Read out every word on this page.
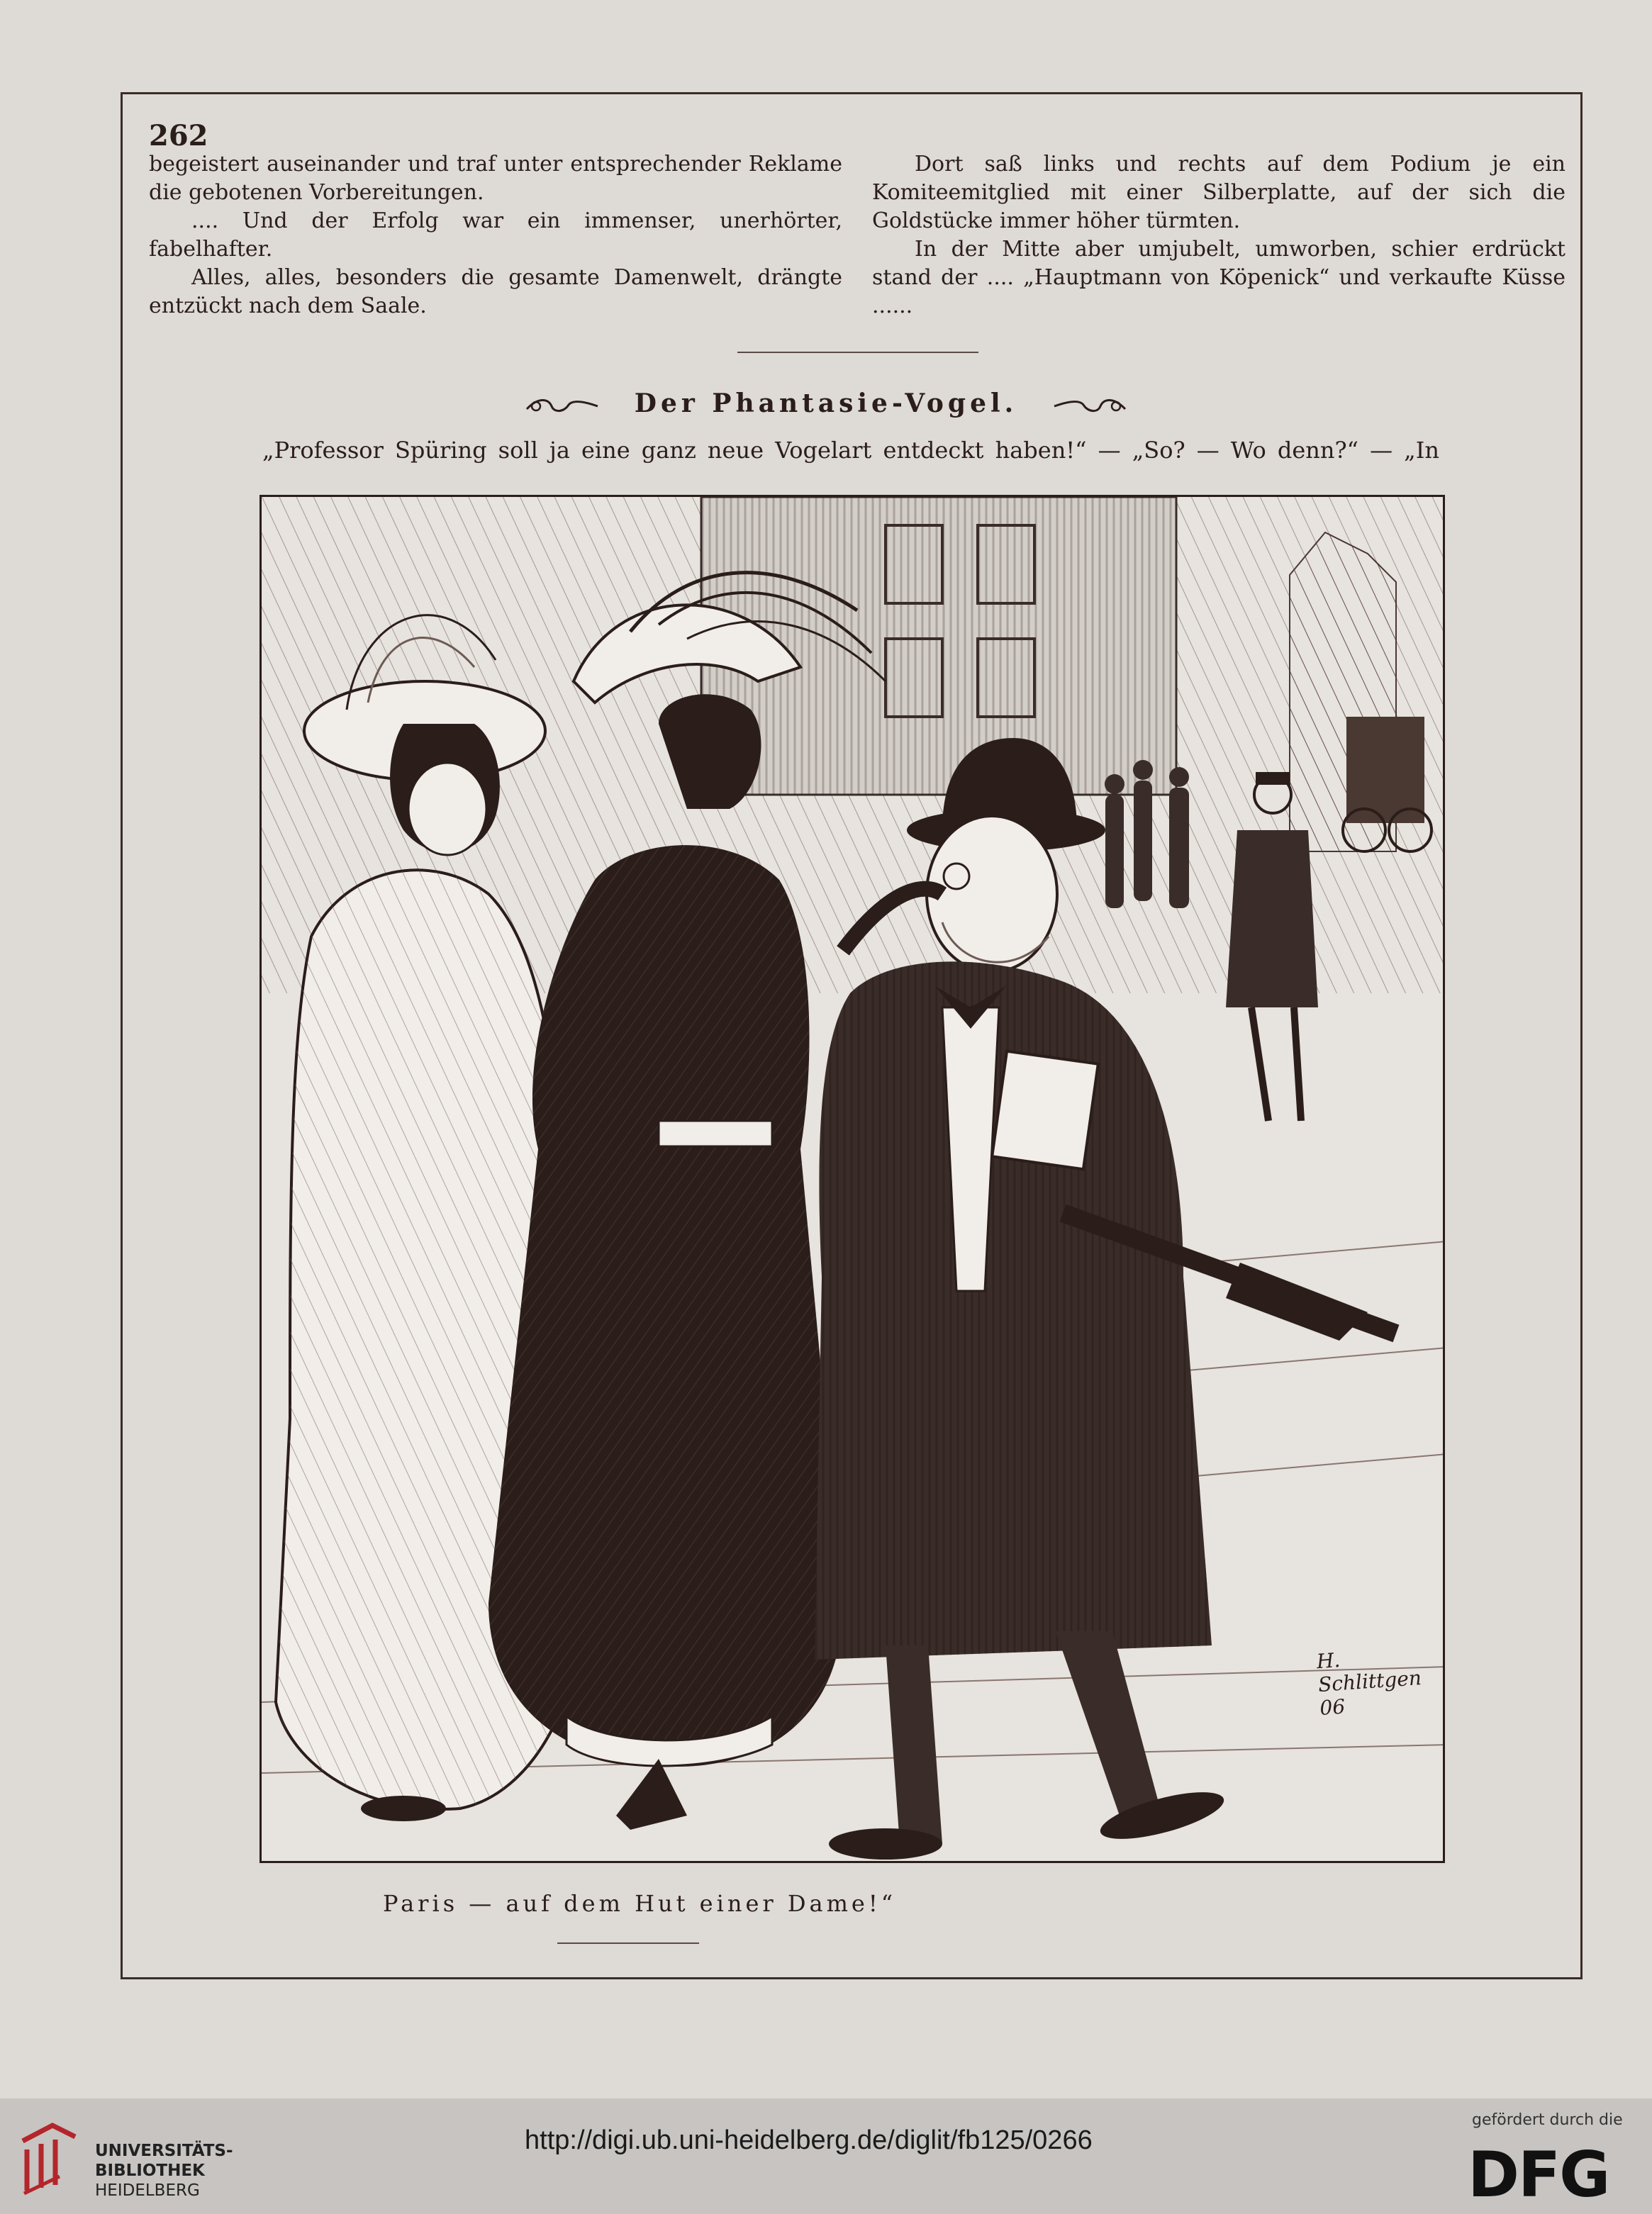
262

begeistert auseinander und traf unter entsprechender Reklame die gebotenen Vorbereitungen.

.... Und der Erfolg war ein immenser, unerhörter, fabelhafter.

Alles, alles, besonders die gesamte Damenwelt, drängte entzückt nach dem Saale.

Dort saß links und rechts auf dem Podium je ein Komiteemitglied mit einer Silberplatte, auf der sich die Goldstücke immer höher türmten.

In der Mitte aber umjubelt, umworben, schier erdrückt stand der .... „Hauptmann von Köpenick“ und verkaufte Küsse ......

Der Phantasie-Vogel.
„Professor Spüring soll ja eine ganz neue Vogelart entdeckt haben!“ — „So? — Wo denn?“ — „In
H. Schlittgen 06
Paris — auf dem Hut einer Dame!“
UNIVERSITÄTS-
BIBLIOTHEK
HEIDELBERG
http://digi.ub.uni-heidelberg.de/diglit/fb125/0266
gefördert durch die
DFG
